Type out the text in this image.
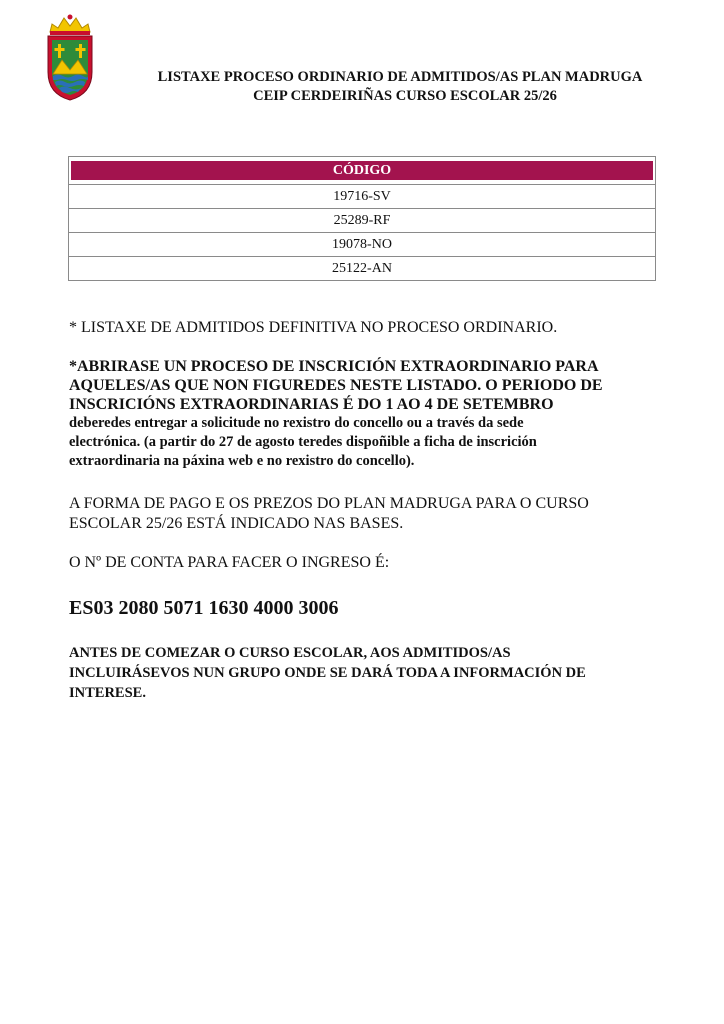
LISTAXE PROCESO ORDINARIO DE ADMITIDOS/AS PLAN MADRUGA

CEIP CERDEIRIÑAS CURSO ESCOLAR 25/26
CÓDIGO

19716-SV
25289-RF
19078-NO
25122-AN
* LISTAXE DE ADMITIDOS DEFINITIVA NO PROCESO ORDINARIO.
*ABRIRASE UN PROCESO DE INSCRICIÓN EXTRAORDINARIO PARA
AQUELES/AS QUE NON FIGUREDES NESTE LISTADO. O PERIODO DE
INSCRICIÓNS EXTRAORDINARIAS É DO 1 AO 4 DE SETEMBRO
deberedes entregar a solicitude no rexistro do concello ou a través da sede
electrónica. (a partir do 27 de agosto teredes dispoñible a ficha de inscrición
extraordinaria na páxina web e no rexistro do concello).
A FORMA DE PAGO E OS PREZOS DO PLAN MADRUGA PARA O CURSO
ESCOLAR 25/26 ESTÁ INDICADO NAS BASES.
O Nº DE CONTA PARA FACER O INGRESO É:
ES03 2080 5071 1630 4000 3006
ANTES DE COMEZAR O CURSO ESCOLAR, AOS ADMITIDOS/AS
INCLUIRÁSEVOS NUN GRUPO ONDE SE DARÁ TODA A INFORMACIÓN DE
INTERESE.
